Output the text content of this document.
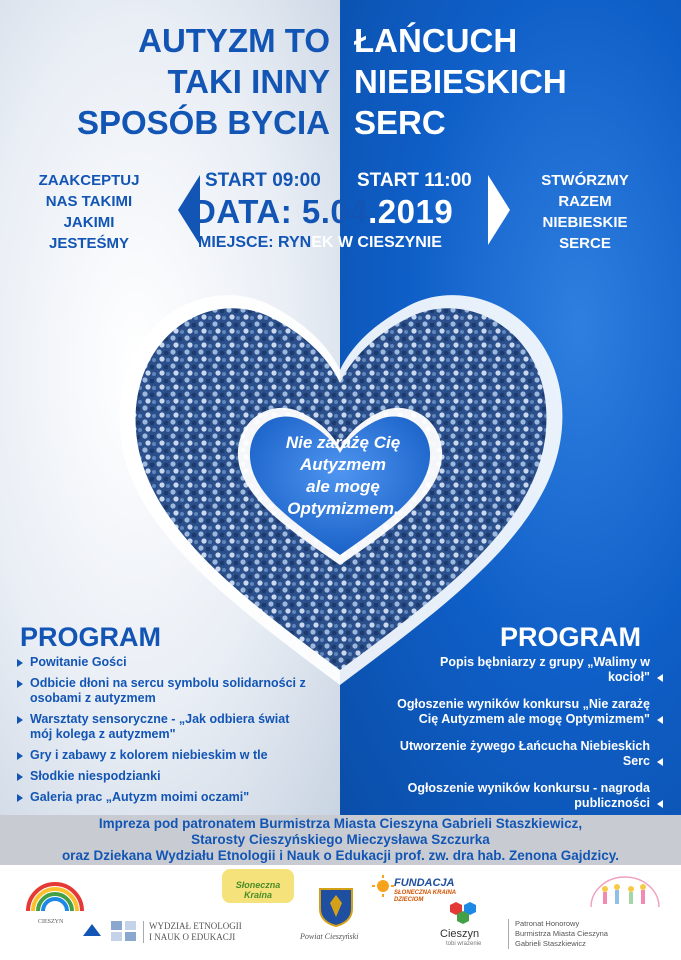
AUTYZM TO
TAKI INNY
SPOSÓB BYCIA
ŁAŃCUCH
NIEBIESKICH
SERC
ZAAKCEPTUJ
NAS TAKIMI
JAKIMI
JESTEŚMY
STWÓRZMY
RAZEM
NIEBIESKIE
SERCE
START 09:00 START 11:00
DATA: 5.04.2019
MIEJSCE: RYNEK W CIESZYNIE
Nie zarażę Cię
Autyzmem
ale mogę
Optymizmem.
PROGRAM
Powitanie Gości
Odbicie dłoni na sercu symbolu solidarności z osobami z autyzmem
Warsztaty sensoryczne - „Jak odbiera świat mój kolega z autyzmem"
Gry i zabawy z kolorem niebieskim w tle
Słodkie niespodzianki
Galeria prac „Autyzm moimi oczami"
PROGRAM
Popis bębniarzy z grupy „Walimy w kocioł"
Ogłoszenie wyników konkursu „Nie zarażę Cię Autyzmem ale mogę Optymizmem"
Utworzenie żywego Łańcucha Niebieskich Serc
Ogłoszenie wyników konkursu - nagroda publiczności
Impreza pod patronatem Burmistrza Miasta Cieszyna Gabrieli Staszkiewicz,
Starosty Cieszyńskiego Mieczysława Szczurka
oraz Dziekana Wydziału Etnologii i Nauk o Edukacji prof. zw. dra hab. Zenona Gajdzicy.
CIESZYN	WYDZIAŁ ETNOLOGII
I NAUK O EDUKACJI
Słoneczna Kraina
Powiat Cieszyński
FUNDACJA
SŁONECZNA KRAINA
DZIECIOM
Cieszyn
tobi wrażenie
Patronat Honorowy
Burmistrza Miasta Cieszyna
Gabrieli Staszkiewicz
